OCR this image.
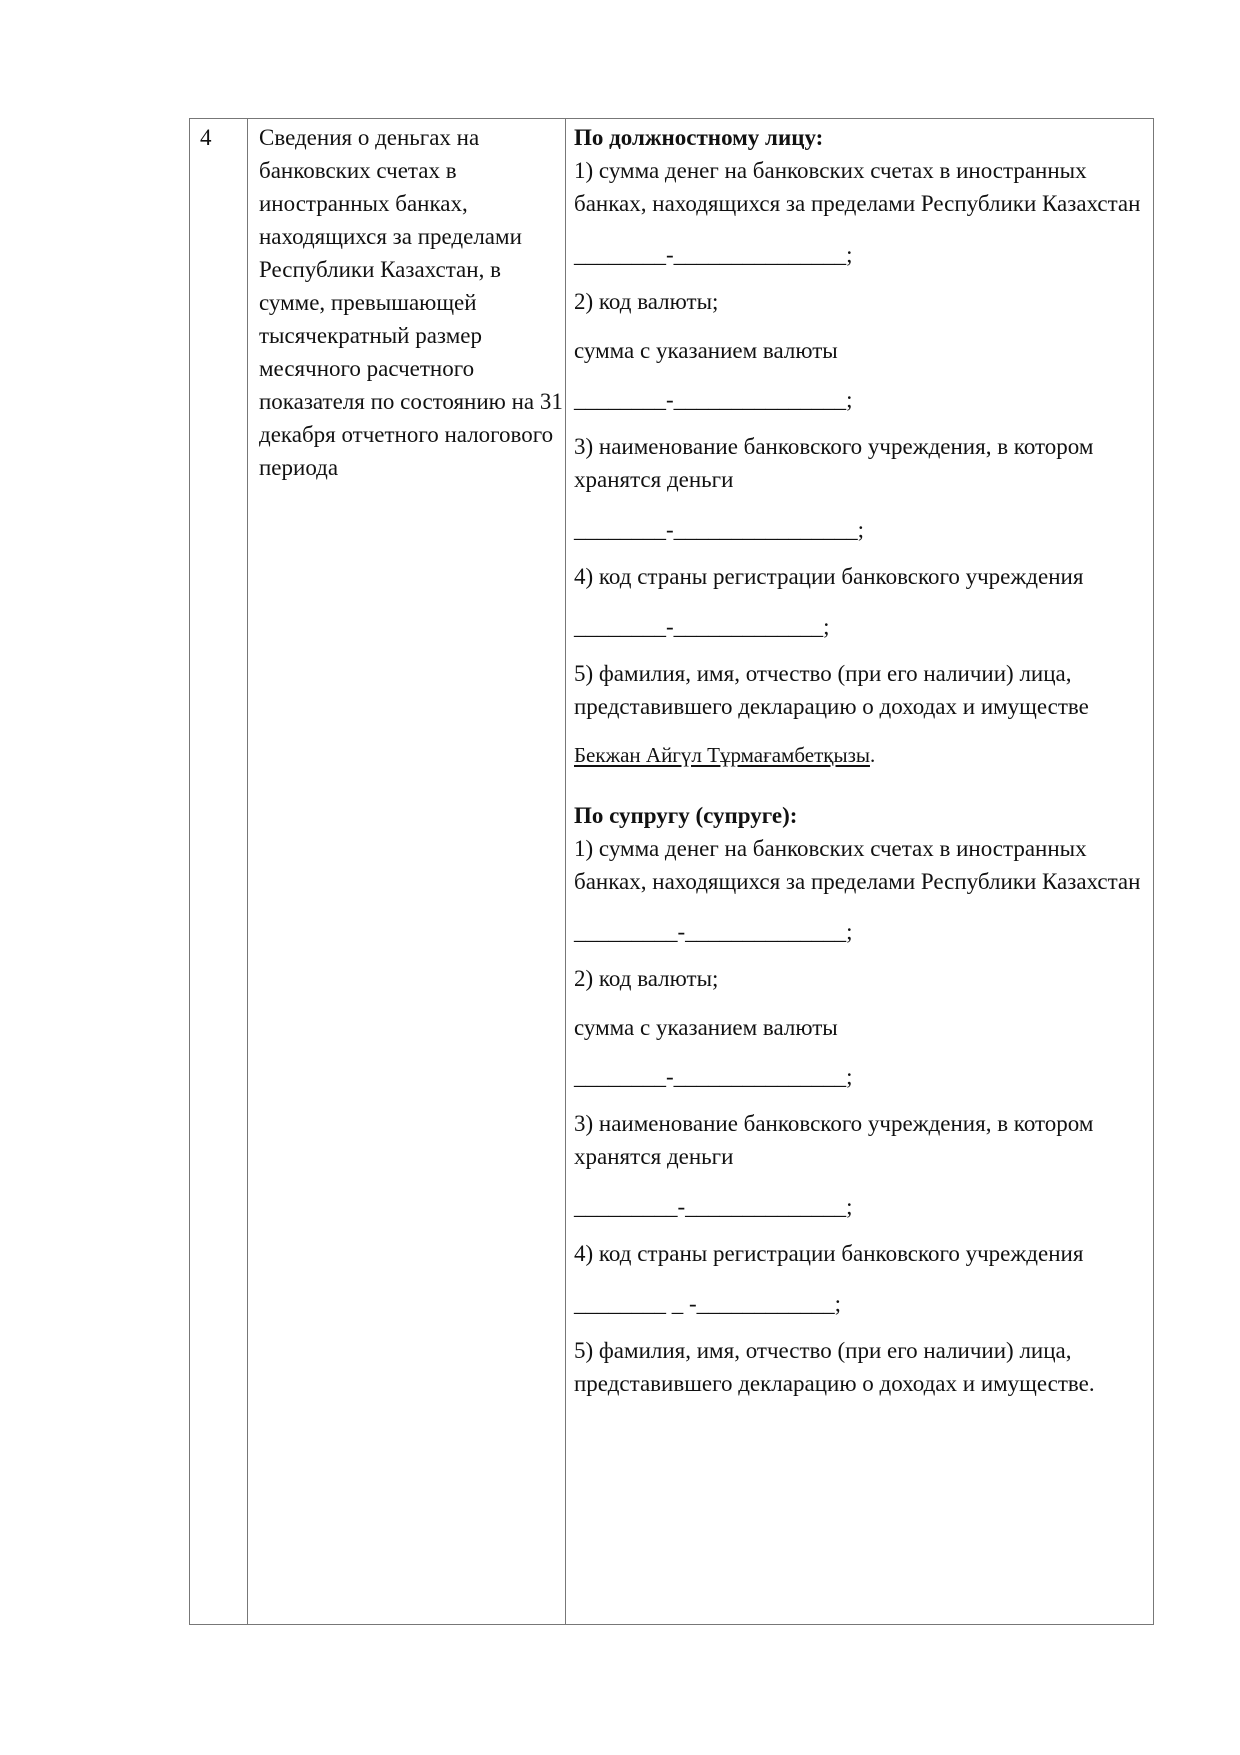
4 Сведения о деньгах на банковских счетах в иностранных банках, находящихся за пределами Республики Казахстан, в сумме, превышающей тысячекратный размер месячного расчетного показателя по состоянию на 31 декабря отчетного налогового периода
По должностному лицу:
1) сумма денег на банковских счетах в иностранных банках, находящихся за пределами Республики Казахстан
________-_______________;
2) код валюты;
сумма с указанием валюты
________-_______________;
3) наименование банковского учреждения, в котором хранятся деньги
________-________________;
4) код страны регистрации банковского учреждения
________-_____________;
5) фамилия, имя, отчество (при его наличии) лица, представившего декларацию о доходах и имуществе
Бекжан Айгүл Тұрмағамбетқызы.
По супругу (супруге):
1) сумма денег на банковских счетах в иностранных банках, находящихся за пределами Республики Казахстан
_________-______________;
2) код валюты;
сумма с указанием валюты
________-_______________;
3) наименование банковского учреждения, в котором хранятся деньги
_________-______________;
4) код страны регистрации банковского учреждения
________ _ -____________;
5) фамилия, имя, отчество (при его наличии) лица, представившего декларацию о доходах и имуществе.
